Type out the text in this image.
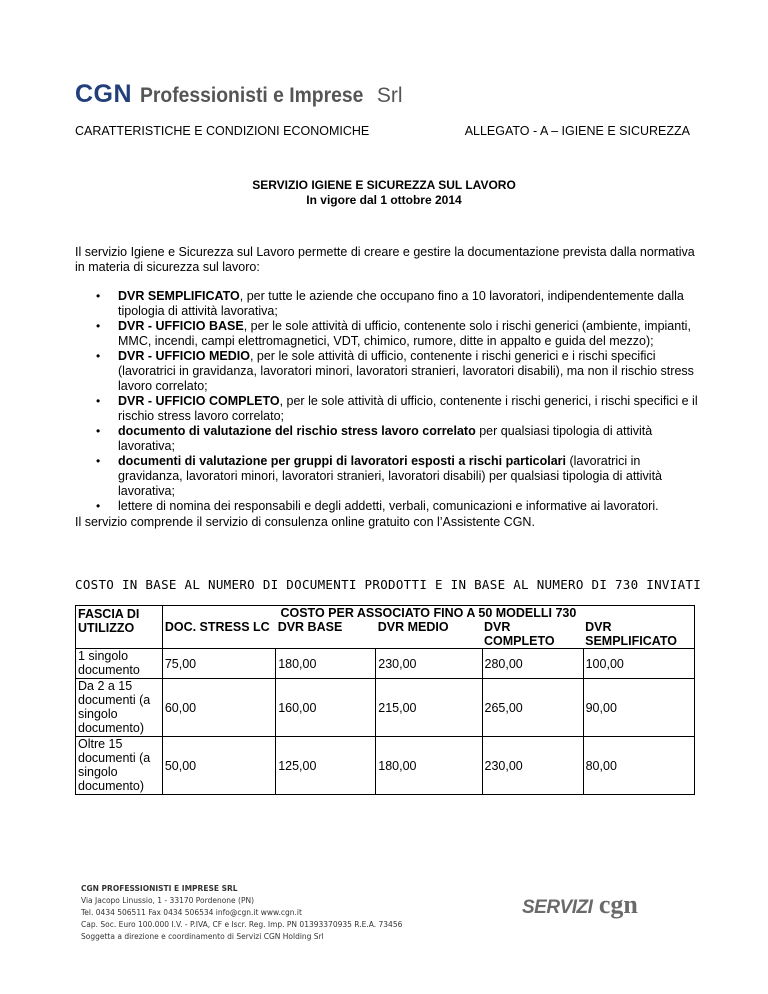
CGN Professionisti e Imprese Srl
CARATTERISTICHE E CONDIZIONI ECONOMICHE	ALLEGATO - A – IGIENE E SICUREZZA
SERVIZIO IGIENE E SICUREZZA SUL LAVORO
In vigore dal 1 ottobre 2014
Il servizio Igiene e Sicurezza sul Lavoro permette di creare e gestire la documentazione prevista dalla normativa in materia di sicurezza sul lavoro:
• DVR SEMPLIFICATO, per tutte le aziende che occupano fino a 10 lavoratori, indipendentemente dalla tipologia di attività lavorativa;
• DVR - UFFICIO BASE, per le sole attività di ufficio, contenente solo i rischi generici (ambiente, impianti, MMC, incendi, campi elettromagnetici, VDT, chimico, rumore, ditte in appalto e guida del mezzo);
• DVR - UFFICIO MEDIO, per le sole attività di ufficio, contenente i rischi generici e i rischi specifici (lavoratrici in gravidanza, lavoratori minori, lavoratori stranieri, lavoratori disabili), ma non il rischio stress lavoro correlato;
• DVR - UFFICIO COMPLETO, per le sole attività di ufficio, contenente i rischi generici, i rischi specifici e il rischio stress lavoro correlato;
• documento di valutazione del rischio stress lavoro correlato per qualsiasi tipologia di attività lavorativa;
• documenti di valutazione per gruppi di lavoratori esposti a rischi particolari (lavoratrici in gravidanza, lavoratori minori, lavoratori stranieri, lavoratori disabili) per qualsiasi tipologia di attività lavorativa;
• lettere di nomina dei responsabili e degli addetti, verbali, comunicazioni e informative ai lavoratori.
Il servizio comprende il servizio di consulenza online gratuito con l’Assistente CGN.
COSTO IN BASE AL NUMERO DI DOCUMENTI PRODOTTI E IN BASE AL NUMERO DI 730 INVIATI
FASCIA DI UTILIZZO	COSTO PER ASSOCIATO FINO A 50 MODELLI 730				
	DOC. STRESS LC	DVR BASE	DVR MEDIO	DVR COMPLETO	DVR SEMPLIFICATO
1 singolo documento	75,00	180,00	230,00	280,00	100,00
Da 2 a 15 documenti (a singolo documento)	60,00	160,00	215,00	265,00	90,00
Oltre 15 documenti (a singolo documento)	50,00	125,00	180,00	230,00	80,00
CGN PROFESSIONISTI E IMPRESE SRL
Via Jacopo Linussio, 1 - 33170 Pordenone (PN)
Tel. 0434 506511 Fax 0434 506534 info@cgn.it www.cgn.it
Cap. Soc. Euro 100.000 I.V. - P.IVA, CF e Iscr. Reg. Imp. PN 01393370935 R.E.A. 73456
Soggetta a direzione e coordinamento di Servizi CGN Holding Srl
SERVIZI cgn
